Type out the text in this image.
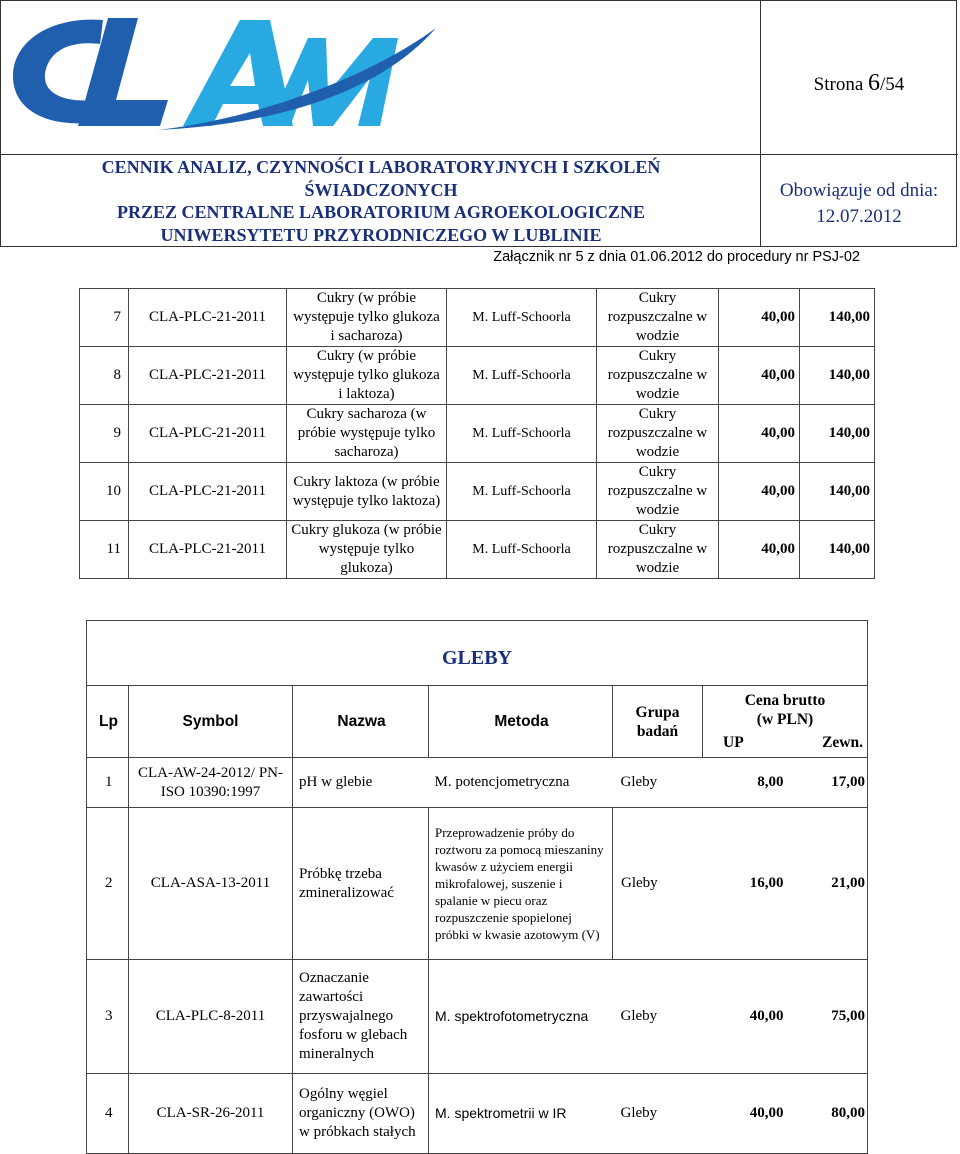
Strona 6/54
CENNIK ANALIZ, CZYNNOŚCI LABORATORYJNYCH I SZKOLEŃ
ŚWIADCZONYCH
PRZEZ CENTRALNE LABORATORIUM AGROEKOLOGICZNE
UNIWERSYTETU PRZYRODNICZEGO W LUBLINIE
Obowiązuje od dnia:
12.07.2012
Załącznik nr 5 z dnia 01.06.2012 do procedury nr PSJ-02
7	CLA-PLC-21-2011	Cukry (w próbie występuje tylko glukoza i sacharoza)	M. Luff-Schoorla	Cukry rozpuszczalne w wodzie	40,00	140,00
8	CLA-PLC-21-2011	Cukry (w próbie występuje tylko glukoza i laktoza)	M. Luff-Schoorla	Cukry rozpuszczalne w wodzie	40,00	140,00
9	CLA-PLC-21-2011	Cukry sacharoza (w próbie występuje tylko sacharoza)	M. Luff-Schoorla	Cukry rozpuszczalne w wodzie	40,00	140,00
10	CLA-PLC-21-2011	Cukry laktoza (w próbie występuje tylko laktoza)	M. Luff-Schoorla	Cukry rozpuszczalne w wodzie	40,00	140,00
11	CLA-PLC-21-2011	Cukry glukoza (w próbie występuje tylko glukoza)	M. Luff-Schoorla	Cukry rozpuszczalne w wodzie	40,00	140,00
GLEBY						
Lp	Symbol	Nazwa	Metoda	Grupa badań	Cena brutto (w PLN)
UP Zewn.	

1	CLA-AW-24-2012/ PN-ISO 10390:1997	pH w glebie	M. potencjometryczna	Gleby	8,00	17,00
2	CLA-ASA-13-2011	Próbkę trzeba zmineralizować	Przeprowadzenie próby do roztworu za pomocą mieszaniny kwasów z użyciem energii mikrofalowej, suszenie i spalanie w piecu oraz rozpuszczenie spopielonej próbki w kwasie azotowym (V)	Gleby	16,00	21,00
3	CLA-PLC-8-2011	Oznaczanie zawartości przyswajalnego fosforu w glebach mineralnych	M. spektrofotometryczna	Gleby	40,00	75,00
4	CLA-SR-26-2011	Ogólny węgiel organiczny (OWO) w próbkach stałych	M. spektrometrii w IR	Gleby	40,00	80,00
